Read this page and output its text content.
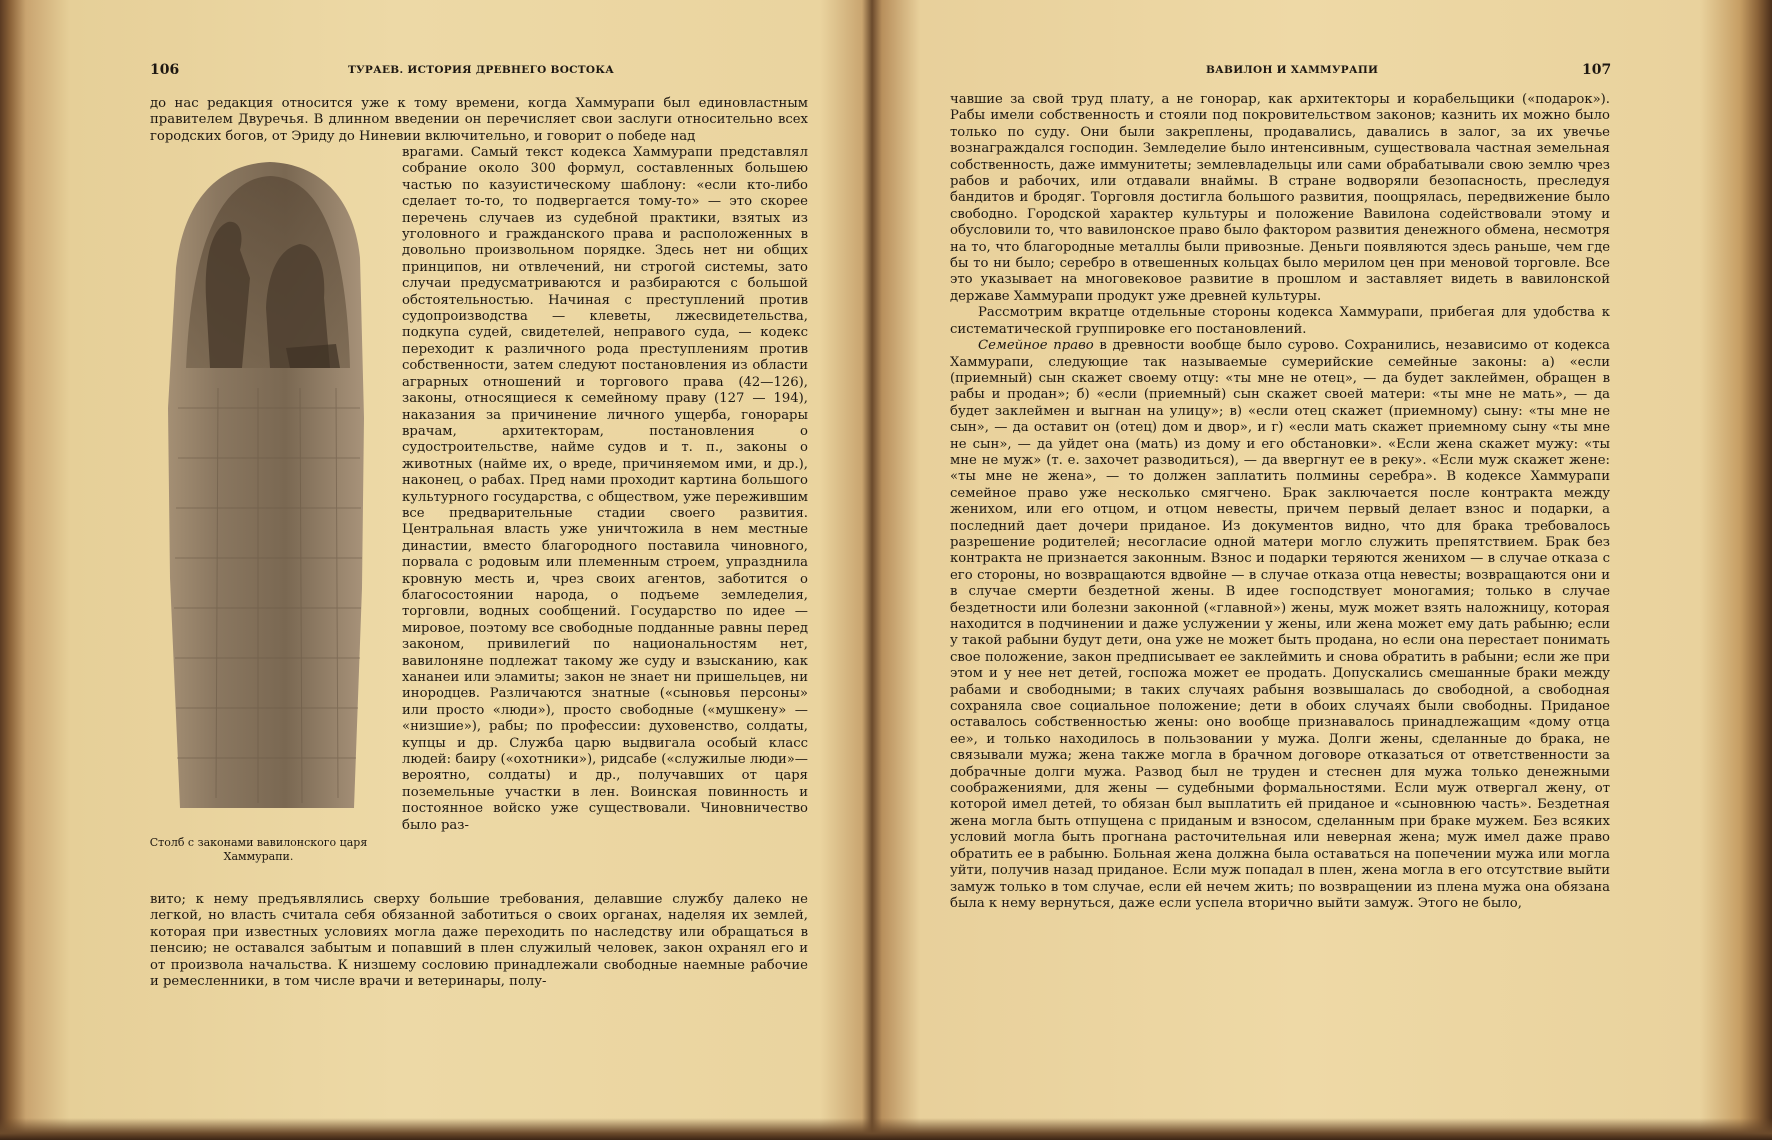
106	ТУРАЕВ. ИСТОРИЯ ДРЕВНЕГО ВОСТОКА

до нас редакция относится уже к тому времени, когда Хаммурапи был единовластным правителем Двуречья. В длинном введении он перечисляет свои заслуги относительно всех городских богов, от Эриду до Ниневии включительно, и говорит о победе над

Столб с законами вавилонского царя Хаммурапи.

врагами. Самый текст кодекса Хаммурапи представлял собрание около 300 формул, составленных большею частью по казуистическому шаблону: «если кто-либо сделает то-то, то подвергается тому-то» — это скорее перечень случаев из судебной практики, взятых из уголовного и гражданского права и расположенных в довольно произвольном порядке. Здесь нет ни общих принципов, ни отвлечений, ни строгой системы, зато случаи предусматриваются и разбираются с большой обстоятельностью. Начиная с преступлений против судопроизводства — клеветы, лжесвидетельства, подкупа судей, свидетелей, неправого суда, — кодекс переходит к различного рода преступлениям против собственности, затем следуют постановления из области аграрных отношений и торгового права (42—126), законы, относящиеся к семейному праву (127 — 194), наказания за причинение личного ущерба, гонорары врачам, архитекторам, постановления о судостроительстве, найме судов и т. п., законы о животных (найме их, о вреде, причиняемом ими, и др.), наконец, о рабах. Пред нами проходит картина большого культурного государства, с обществом, уже пережившим все предварительные стадии своего развития. Центральная власть уже уничтожила в нем местные династии, вместо благородного поставила чиновного, порвала с родовым или племенным строем, упразднила кровную месть и, чрез своих агентов, заботится о благосостоянии народа, о подъеме земледелия, торговли, водных сообщений. Государство по идее — мировое, поэтому все свободные подданные равны перед законом, привилегий по национальностям нет, вавилоняне подлежат такому же суду и взысканию, как хананеи или эламиты; закон не знает ни пришельцев, ни инородцев. Различаются знатные («сыновья персоны» или просто «люди»), просто свободные («мушкену» — «низшие»), рабы; по профессии: духовенство, солдаты, купцы и др. Служба царю выдвигала особый класс людей: баиру («охотники»), ридсабе («служилые люди»—вероятно, солдаты) и др., получавших от царя поземельные участки в лен. Воинская повинность и постоянное войско уже существовали. Чиновничество было раз-

вито; к нему предъявлялись сверху большие требования, делавшие службу далеко не легкой, но власть считала себя обязанной заботиться о своих органах, наделяя их землей, которая при известных условиях могла даже переходить по наследству или обращаться в пенсию; не оставался забытым и попавший в плен служилый человек, закон охранял его и от произвола начальства. К низшему сословию принадлежали свободные наемные рабочие и ремесленники, в том числе врачи и ветеринары, полу-

ВАВИЛОН И ХАММУРАПИ	107

чавшие за свой труд плату, а не гонорар, как архитекторы и корабельщики («подарок»). Рабы имели собственность и стояли под покровительством законов; казнить их можно было только по суду. Они были закреплены, продавались, давались в залог, за их увечье вознаграждался господин. Земледелие было интенсивным, существовала частная земельная собственность, даже иммунитеты; землевладельцы или сами обрабатывали свою землю чрез рабов и рабочих, или отдавали внаймы. В стране водворяли безопасность, преследуя бандитов и бродяг. Торговля достигла большого развития, поощрялась, передвижение было свободно. Городской характер культуры и положение Вавилона содействовали этому и обусловили то, что вавилонское право было фактором развития денежного обмена, несмотря на то, что благородные металлы были привозные. Деньги появляются здесь раньше, чем где бы то ни было; серебро в отвешенных кольцах было мерилом цен при меновой торговле. Все это указывает на многовековое развитие в прошлом и заставляет видеть в вавилонской державе Хаммурапи продукт уже древней культуры.

Рассмотрим вкратце отдельные стороны кодекса Хаммурапи, прибегая для удобства к систематической группировке его постановлений.

Семейное право в древности вообще было сурово. Сохранились, независимо от кодекса Хаммурапи, следующие так называемые сумерийские семейные законы: а) «если (приемный) сын скажет своему отцу: «ты мне не отец», — да будет заклеймен, обращен в рабы и продан»; б) «если (приемный) сын скажет своей матери: «ты мне не мать», — да будет заклеймен и выгнан на улицу»; в) «если отец скажет (приемному) сыну: «ты мне не сын», — да оставит он (отец) дом и двор», и г) «если мать скажет приемному сыну «ты мне не сын», — да уйдет она (мать) из дому и его обстановки». «Если жена скажет мужу: «ты мне не муж» (т. е. захочет разводиться), — да ввергнут ее в реку». «Если муж скажет жене: «ты мне не жена», — то должен заплатить полмины серебра». В кодексе Хаммурапи семейное право уже несколько смягчено. Брак заключается после контракта между женихом, или его отцом, и отцом невесты, причем первый делает взнос и подарки, а последний дает дочери приданое. Из документов видно, что для брака требовалось разрешение родителей; несогласие одной матери могло служить препятствием. Брак без контракта не признается законным. Взнос и подарки теряются женихом — в случае отказа с его стороны, но возвращаются вдвойне — в случае отказа отца невесты; возвращаются они и в случае смерти бездетной жены. В идее господствует моногамия; только в случае бездетности или болезни законной («главной») жены, муж может взять наложницу, которая находится в подчинении и даже услужении у жены, или жена может ему дать рабыню; если у такой рабыни будут дети, она уже не может быть продана, но если она перестает понимать свое положение, закон предписывает ее заклеймить и снова обратить в рабыни; если же при этом и у нее нет детей, госпожа может ее продать. Допускались смешанные браки между рабами и свободными; в таких случаях рабыня возвышалась до свободной, а свободная сохраняла свое социальное положение; дети в обоих случаях были свободны. Приданое оставалось собственностью жены: оно вообще признавалось принадлежащим «дому отца ее», и только находилось в пользовании у мужа. Долги жены, сделанные до брака, не связывали мужа; жена также могла в брачном договоре отказаться от ответственности за добрачные долги мужа. Развод был не труден и стеснен для мужа только денежными соображениями, для жены — судебными формальностями. Если муж отвергал жену, от которой имел детей, то обязан был выплатить ей приданое и «сыновнюю часть». Бездетная жена могла быть отпущена с приданым и взносом, сделанным при браке мужем. Без всяких условий могла быть прогнана расточительная или неверная жена; муж имел даже право обратить ее в рабыню. Больная жена должна была оставаться на попечении мужа или могла уйти, получив назад приданое. Если муж попадал в плен, жена могла в его отсутствие выйти замуж только в том случае, если ей нечем жить; по возвращении из плена мужа она обязана была к нему вернуться, даже если успела вторично выйти замуж. Этого не было,
